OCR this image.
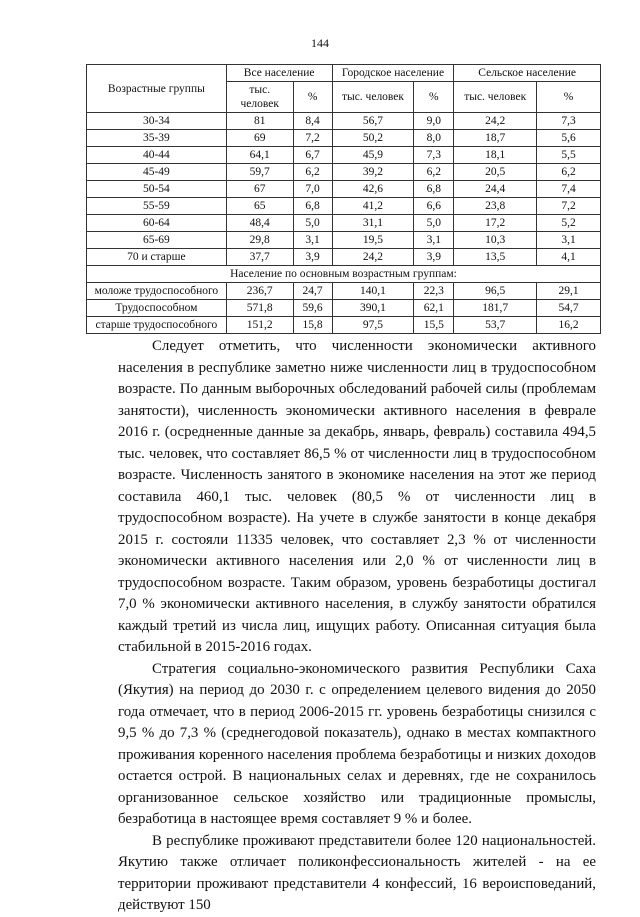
144
Возрастные группы	Все население		Городское население		Сельское население	
	тыс. человек	%	тыс. человек	%	тыс. человек	%
30-34	81	8,4	56,7	9,0	24,2	7,3
35-39	69	7,2	50,2	8,0	18,7	5,6
40-44	64,1	6,7	45,9	7,3	18,1	5,5
45-49	59,7	6,2	39,2	6,2	20,5	6,2
50-54	67	7,0	42,6	6,8	24,4	7,4
55-59	65	6,8	41,2	6,6	23,8	7,2
60-64	48,4	5,0	31,1	5,0	17,2	5,2
65-69	29,8	3,1	19,5	3,1	10,3	3,1
70 и старше	37,7	3,9	24,2	3,9	13,5	4,1
Население по основным возрастным группам:						
моложе трудоспособного	236,7	24,7	140,1	22,3	96,5	29,1
Трудоспособном	571,8	59,6	390,1	62,1	181,7	54,7
старше трудоспособного	151,2	15,8	97,5	15,5	53,7	16,2

Следует отметить, что численности экономически активного населения в республике заметно ниже численности лиц в трудоспособном возрасте. По данным выборочных обследований рабочей силы (проблемам занятости), численность экономически активного населения в феврале 2016 г. (осредненные данные за декабрь, январь, февраль) составила 494,5 тыс. человек, что составляет 86,5 % от численности лиц в трудоспособном возрасте. Численность занятого в экономике населения на этот же период составила 460,1 тыс. человек (80,5 % от численности лиц в трудоспособном возрасте). На учете в службе занятости в конце декабря 2015 г. состояли 11335 человек, что составляет 2,3 % от численности экономически активного населения или 2,0 % от численности лиц в трудоспособном возрасте. Таким образом, уровень безработицы достигал 7,0 % экономически активного населения, в службу занятости обратился каждый третий из числа лиц, ищущих работу. Описанная ситуация была стабильной в 2015-2016 годах.

Стратегия социально-экономического развития Республики Саха (Якутия) на период до 2030 г. с определением целевого видения до 2050 года отмечает, что в период 2006-2015 гг. уровень безработицы снизился с 9,5 % до 7,3 % (среднегодовой показатель), однако в местах компактного проживания коренного населения проблема безработицы и низких доходов остается острой. В национальных селах и деревнях, где не сохранилось организованное сельское хозяйство или традиционные промыслы, безработица в настоящее время составляет 9 % и более.

В республике проживают представители более 120 национальностей. Якутию также отличает поликонфессиональность жителей - на ее территории проживают представители 4 конфессий, 16 вероисповеданий, действуют 150
